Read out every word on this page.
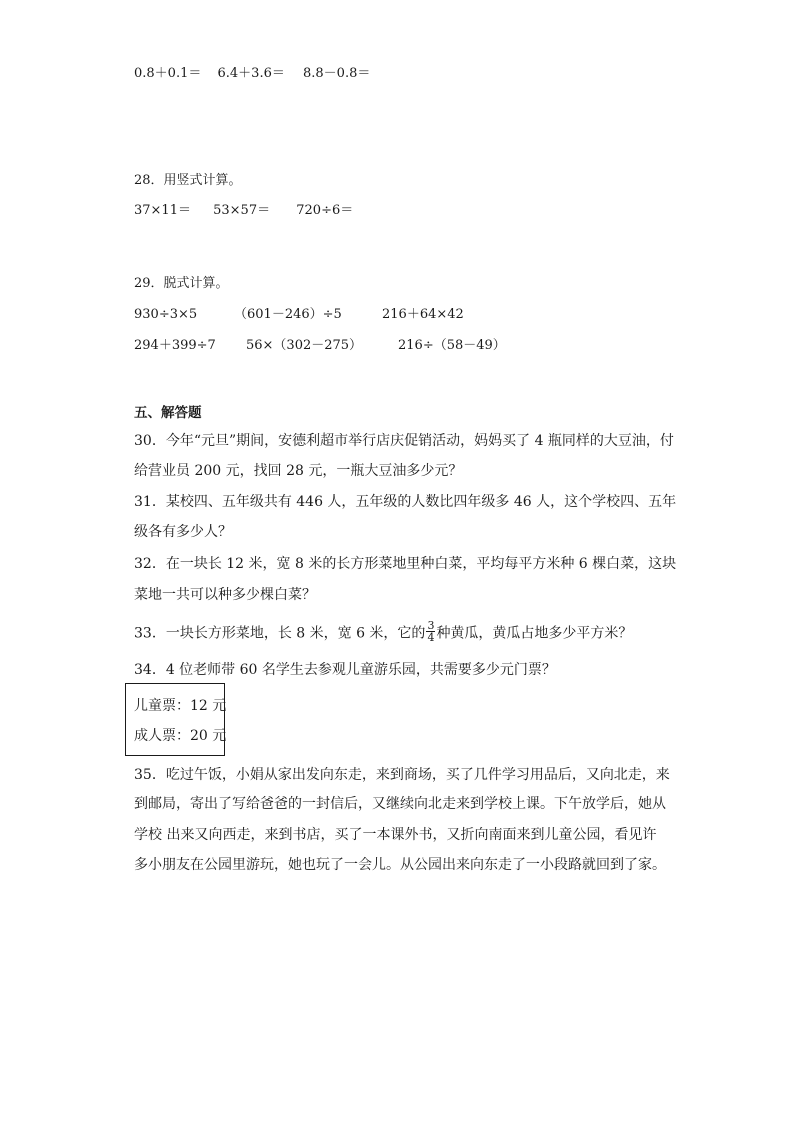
0.8＋0.1＝ 6.4＋3.6＝ 8.8－0.8＝
28．用竖式计算。
37×11＝ 53×57＝ 720÷6＝
29．脱式计算。
930÷3×5	（601－246）÷5	216＋64×42
294＋399÷7 56×（302－275）	216÷（58－49）
五、解答题
30．今年“元旦”期间，安德利超市举行店庆促销活动，妈妈买了 4 瓶同样的大豆油，付
给营业员 200 元，找回 28 元，一瓶大豆油多少元？
31．某校四、五年级共有 446 人，五年级的人数比四年级多 46 人，这个学校四、五年
级各有多少人？
32．在一块长 12 米，宽 8 米的长方形菜地里种白菜，平均每平方米种 6 棵白菜，这块
菜地一共可以种多少棵白菜？
33．一块长方形菜地，长 8 米，宽 6 米，它的 $\frac{3}{4}$ 种黄瓜，黄瓜占地多少平方米？
34．4 位老师带 60 名学生去参观儿童游乐园，共需要多少元门票？
儿童票：12 元
成人票：20 元
35．吃过午饭，小娟从家出发向东走，来到商场，买了几件学习用品后，又向北走，来
到邮局，寄出了写给爸爸的一封信后，又继续向北走来到学校上课。下午放学后，她从
学校 出来又向西走，来到书店，买了一本课外书，又折向南面来到儿童公园，看见许
多小朋友在公园里游玩，她也玩了一会儿。从公园出来向东走了一小段路就回到了家。
